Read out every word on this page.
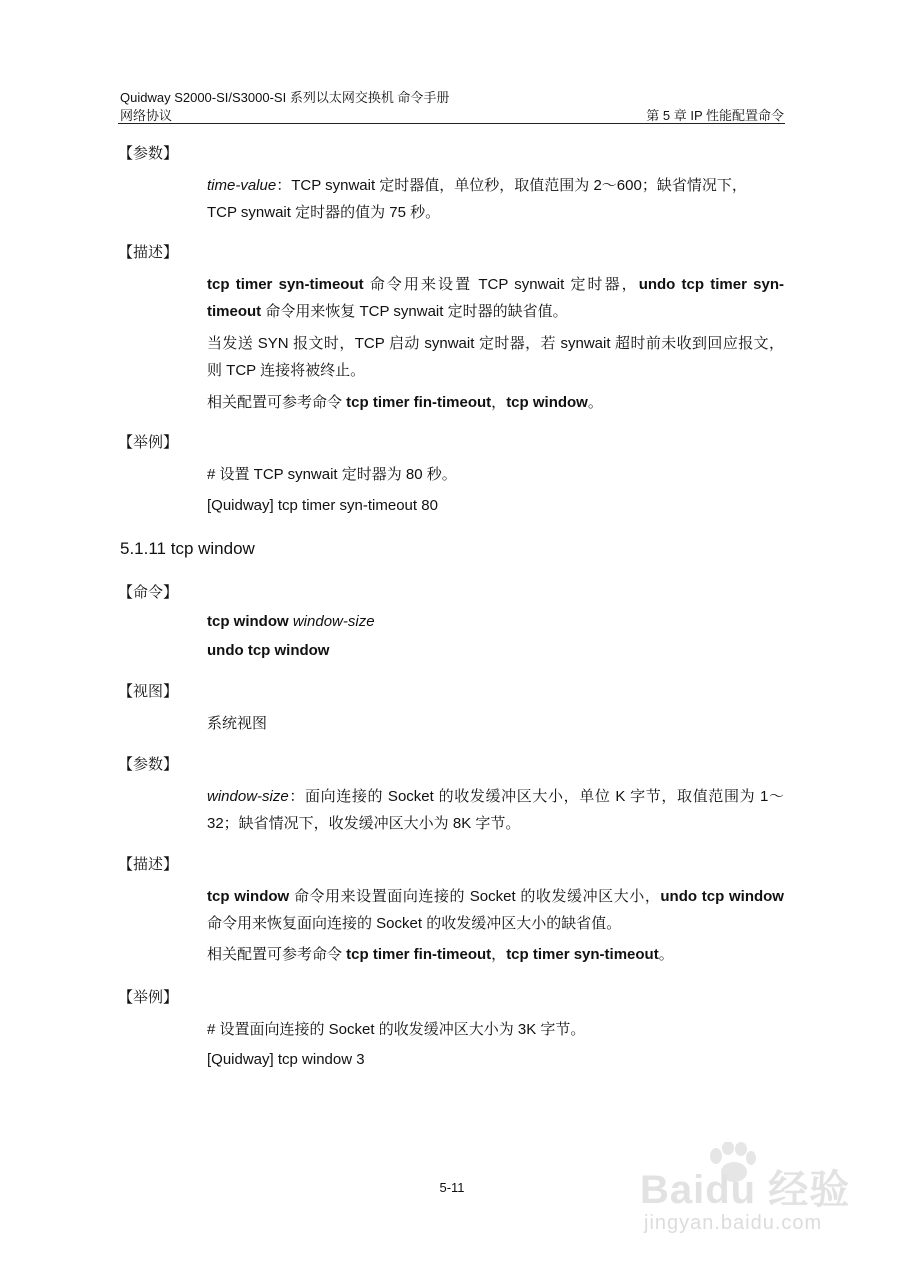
Quidway S2000-SI/S3000-SI 系列以太网交换机 命令手册
网络协议	第 5 章 IP 性能配置命令
【参数】
time-value：TCP synwait 定时器值，单位秒，取值范围为 2～600；缺省情况下，
TCP synwait 定时器的值为 75 秒。
【描述】
tcp timer syn-timeout 命令用来设置 TCP synwait 定时器，undo tcp timer syn-timeout 命令用来恢复 TCP synwait 定时器的缺省值。
当发送 SYN 报文时，TCP 启动 synwait 定时器，若 synwait 超时前未收到回应报文，则 TCP 连接将被终止。
相关配置可参考命令 tcp timer fin-timeout，tcp window。
【举例】
# 设置 TCP synwait 定时器为 80 秒。
[Quidway] tcp timer syn-timeout 80
5.1.11 tcp window
【命令】
tcp window window-size
undo tcp window
【视图】
系统视图
【参数】
window-size：面向连接的 Socket 的收发缓冲区大小，单位 K 字节，取值范围为 1～32；缺省情况下，收发缓冲区大小为 8K 字节。
【描述】
tcp window 命令用来设置面向连接的 Socket 的收发缓冲区大小，undo tcp window 命令用来恢复面向连接的 Socket 的收发缓冲区大小的缺省值。
相关配置可参考命令 tcp timer fin-timeout，tcp timer syn-timeout。
【举例】
# 设置面向连接的 Socket 的收发缓冲区大小为 3K 字节。
[Quidway] tcp window 3
5-11	Baidu 经验
jingyan.baidu.com
